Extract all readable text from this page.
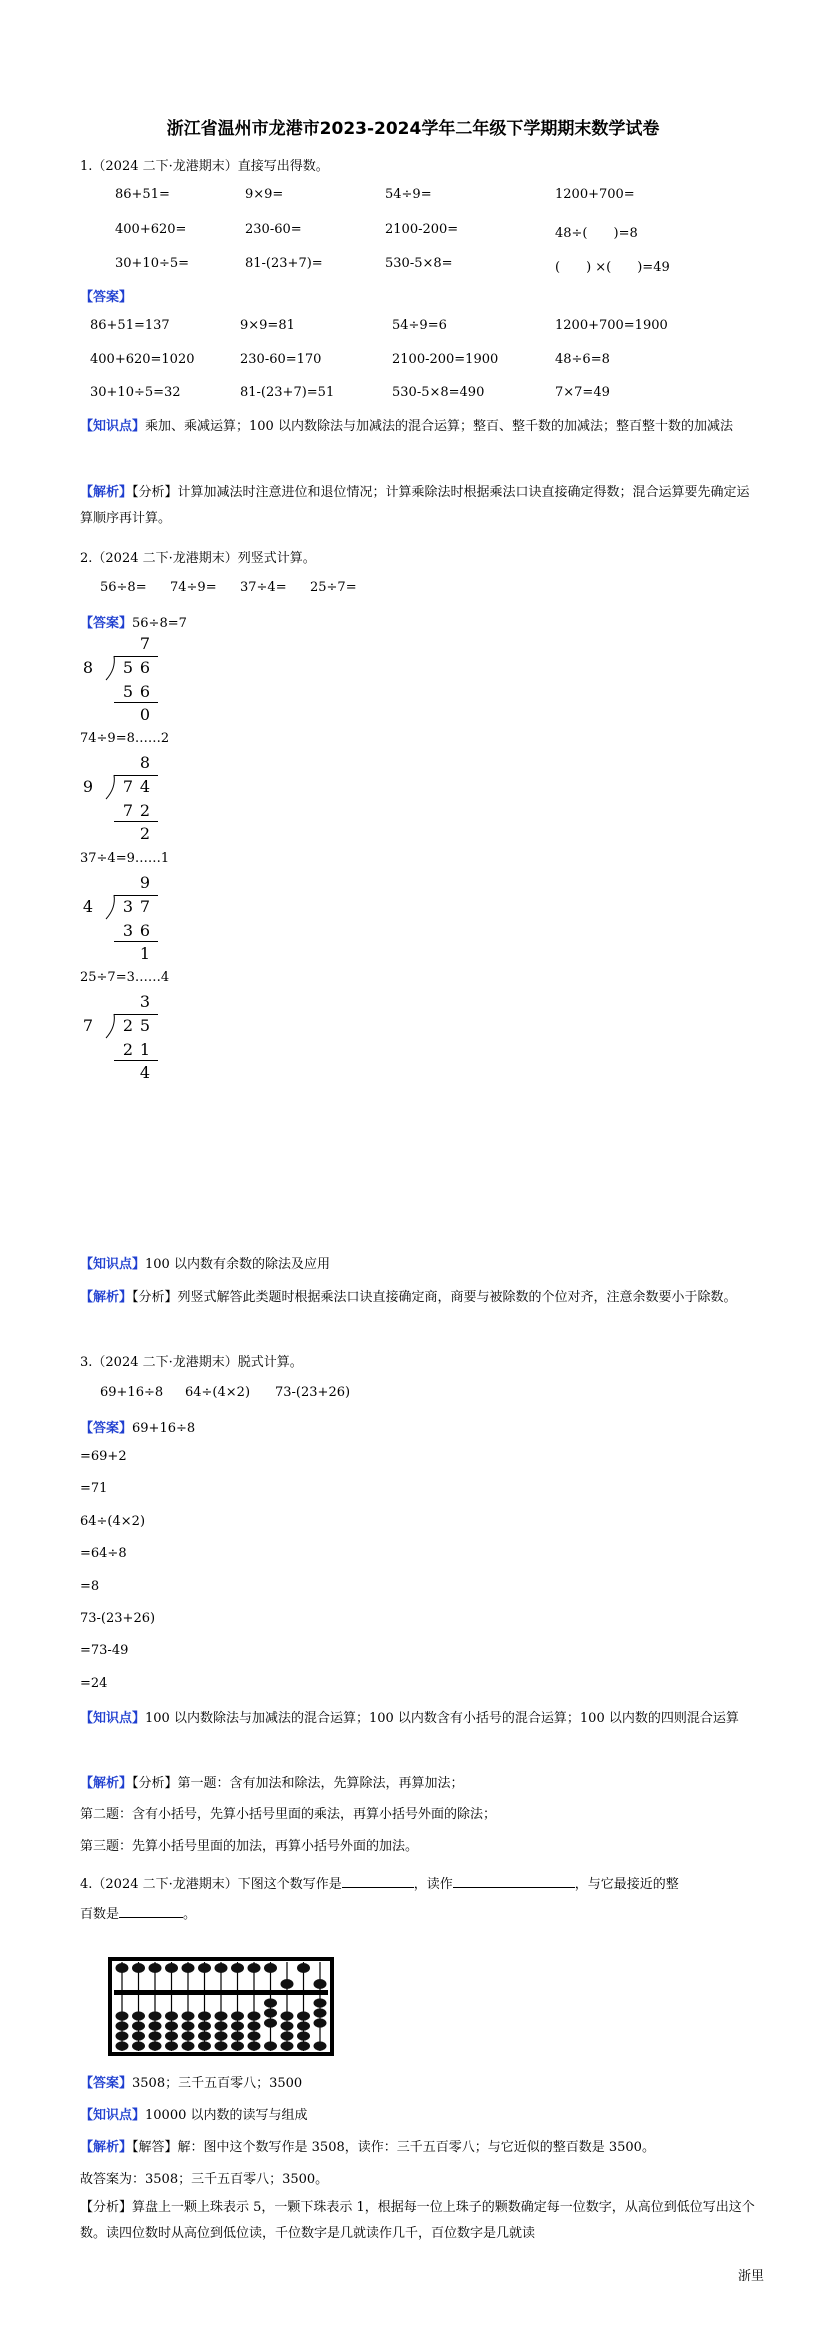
浙江省温州市龙港市2023-2024学年二年级下学期期末数学试卷
1.（2024 二下·龙港期末）直接写出得数。
86+51=	9×9=	54÷9=	1200+700=
400+620=	230-60=	2100-200=	48÷(　　)=8
30+10÷5=	81-(23+7)=	530-5×8=	(　　) ×(　　)=49
【答案】
86+51=137	9×9=81	54÷9=6	1200+700=1900
400+620=1020	230-60=170	2100-200=1900	48÷6=8
30+10÷5=32	81-(23+7)=51	530-5×8=490	7×7=49
【知识点】乘加、乘减运算；100 以内数除法与加减法的混合运算；整百、整千数的加减法；整百整十数的加减法
【解析】【分析】计算加减法时注意进位和退位情况；计算乘除法时根据乘法口诀直接确定得数；混合运算要先确定运算顺序再计算。
2.（2024 二下·龙港期末）列竖式计算。
56÷8= 74÷9= 37÷4= 25÷7=
【答案】56÷8=7
7
8 5 6
5 6
0
74÷9=8……2
8
9 7 4
7 2
2
37÷4=9……1
9
4 3 7
3 6
1
25÷7=3……4
3
7 2 5
2 1
4
【知识点】100 以内数有余数的除法及应用
【解析】【分析】列竖式解答此类题时根据乘法口诀直接确定商，商要与被除数的个位对齐，注意余数要小于除数。
3.（2024 二下·龙港期末）脱式计算。
69+16÷8 64÷(4×2) 73-(23+26)
【答案】69+16÷8
=69+2
=71
64÷(4×2)
=64÷8
=8
73-(23+26)
=73-49
=24
【知识点】100 以内数除法与加减法的混合运算；100 以内数含有小括号的混合运算；100 以内数的四则混合运算
【解析】【分析】第一题：含有加法和除法，先算除法，再算加法；
第二题：含有小括号，先算小括号里面的乘法，再算小括号外面的除法；
第三题：先算小括号里面的加法，再算小括号外面的加法。
4.（2024 二下·龙港期末）下图这个数写作是	，读作	，与它最接近的整
百数是	。
【答案】3508；三千五百零八；3500
【知识点】10000 以内数的读写与组成
【解析】【解答】解：图中这个数写作是 3508，读作：三千五百零八；与它近似的整百数是 3500。
故答案为：3508；三千五百零八；3500。
【分析】算盘上一颗上珠表示 5，一颗下珠表示 1，根据每一位上珠子的颗数确定每一位数字，从高位到低位写出这个数。读四位数时从高位到低位读，千位数字是几就读作几千，百位数字是几就读
浙里
